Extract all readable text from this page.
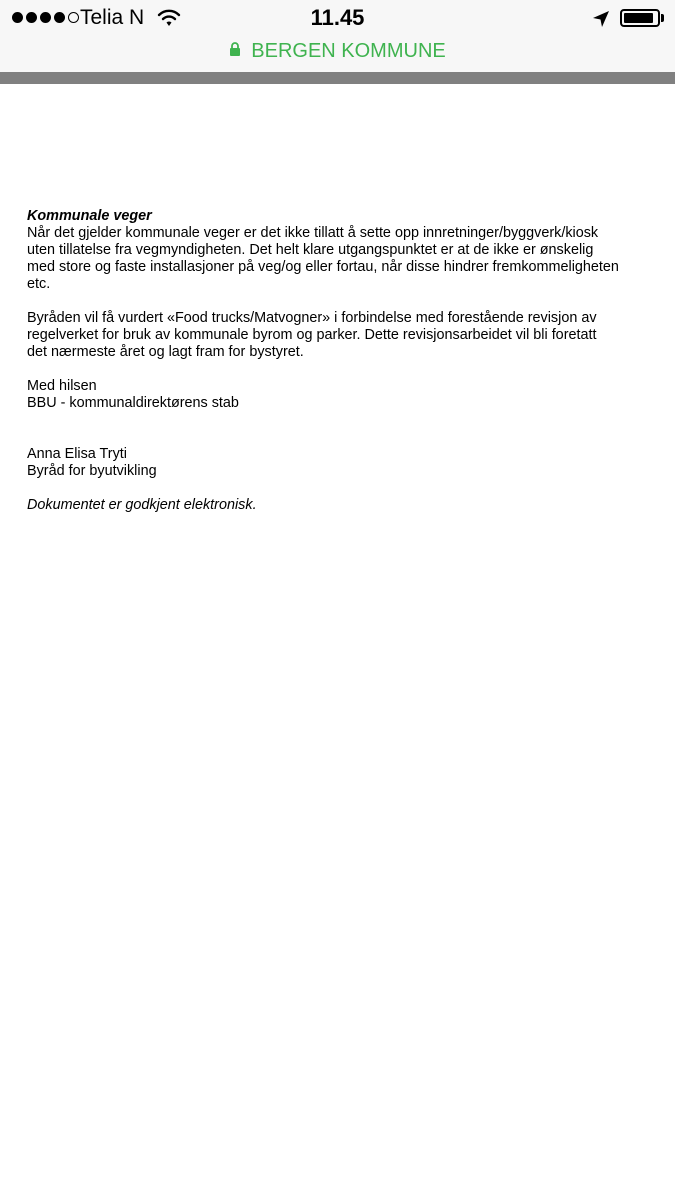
Telia N	11.45
BERGEN KOMMUNE

Kommunale veger

Når det gjelder kommunale veger er det ikke tillatt å sette opp innretninger/byggverk/kiosk

uten tillatelse fra vegmyndigheten. Det helt klare utgangspunktet er at de ikke er ønskelig

med store og faste installasjoner på veg/og eller fortau, når disse hindrer fremkommeligheten

etc.

Byråden vil få vurdert «Food trucks/Matvogner» i forbindelse med forestående revisjon av

regelverket for bruk av kommunale byrom og parker. Dette revisjonsarbeidet vil bli foretatt

det nærmeste året og lagt fram for bystyret.

Med hilsen

BBU - kommunaldirektørens stab

Anna Elisa Tryti

Byråd for byutvikling

Dokumentet er godkjent elektronisk.
